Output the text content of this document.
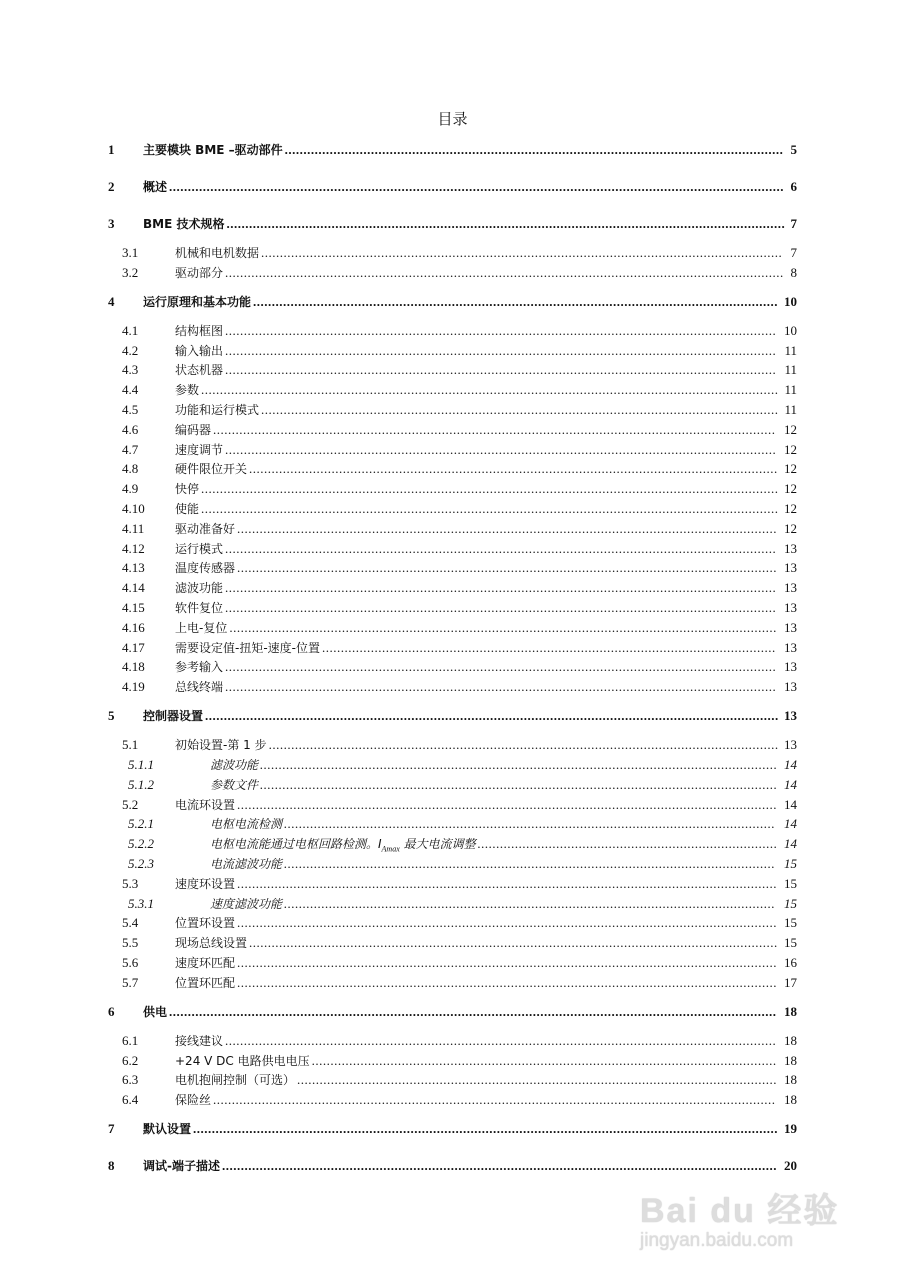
目录
1	主要模块 BME –驱动部件 ..................................................................................................................................... 5
2	概述 .................................................................................................................................................................... 6
3	BME 技术规格 ..................................................................................................................................................... 7
3.1	机械和电机数据 ........................................................................................................................................... 7
3.2	驱动部分 ..................................................................................................................................................... 8
4	运行原理和基本功能 ............................................................................................................................................ 10
4.1	结构框图 ................................................................................................................................................... 10
4.2	输入输出 ................................................................................................................................................... 11
4.3	状态机器 ................................................................................................................................................... 11
4.4	参数 .......................................................................................................................................................... 11
4.5	功能和运行模式 .......................................................................................................................................... 11
4.6	编码器 ...................................................................................................................................................... 12
4.7	速度调节 ................................................................................................................................................... 12
4.8	硬件限位开关 ............................................................................................................................................. 12
4.9	快停 .......................................................................................................................................................... 12
4.10	使能 .......................................................................................................................................................... 12
4.11	驱动准备好 ................................................................................................................................................ 12
4.12	运行模式 ................................................................................................................................................... 13
4.13	温度传感器 ................................................................................................................................................ 13
4.14	滤波功能 ................................................................................................................................................... 13
4.15	软件复位 ................................................................................................................................................... 13
4.16	上电-复位 .................................................................................................................................................. 13
4.17	需要设定值-扭矩-速度-位置 ......................................................................................................................... 13
4.18	参考输入 ................................................................................................................................................... 13
4.19	总线终端 ................................................................................................................................................... 13
5	控制器设置 ......................................................................................................................................................... 13
5.1	初始设置-第 1 步 ........................................................................................................................................ 13
5.1.1	滤波功能 .......................................................................................................................................... 14
5.1.2	参数文件 .......................................................................................................................................... 14
5.2	电流环设置 ................................................................................................................................................ 14
5.2.1	电枢电流检测 ................................................................................................................................... 14
5.2.2	电枢电流能通过电枢回路检测。$I_{Amax}$ 最大电流调整 ................................................................................ 14
5.2.3	电流滤波功能 ................................................................................................................................... 15
5.3	速度环设置 ................................................................................................................................................ 15
5.3.1	速度滤波功能 ................................................................................................................................... 15
5.4	位置环设置 ................................................................................................................................................ 15
5.5	现场总线设置 ............................................................................................................................................. 15
5.6	速度环匹配 ................................................................................................................................................ 16
5.7	位置环匹配 ................................................................................................................................................ 17
6	供电 .................................................................................................................................................................. 18
6.1	接线建议 ................................................................................................................................................... 18
6.2	+24 V DC 电路供电电压 ............................................................................................................................ 18
6.3	电机抱闸控制（可选） ................................................................................................................................ 18
6.4	保险丝 ...................................................................................................................................................... 18
7	默认设置 ............................................................................................................................................................ 19
8	调试-端子描述 .................................................................................................................................................... 20
Bai du 经验
jingyan.baidu.com
